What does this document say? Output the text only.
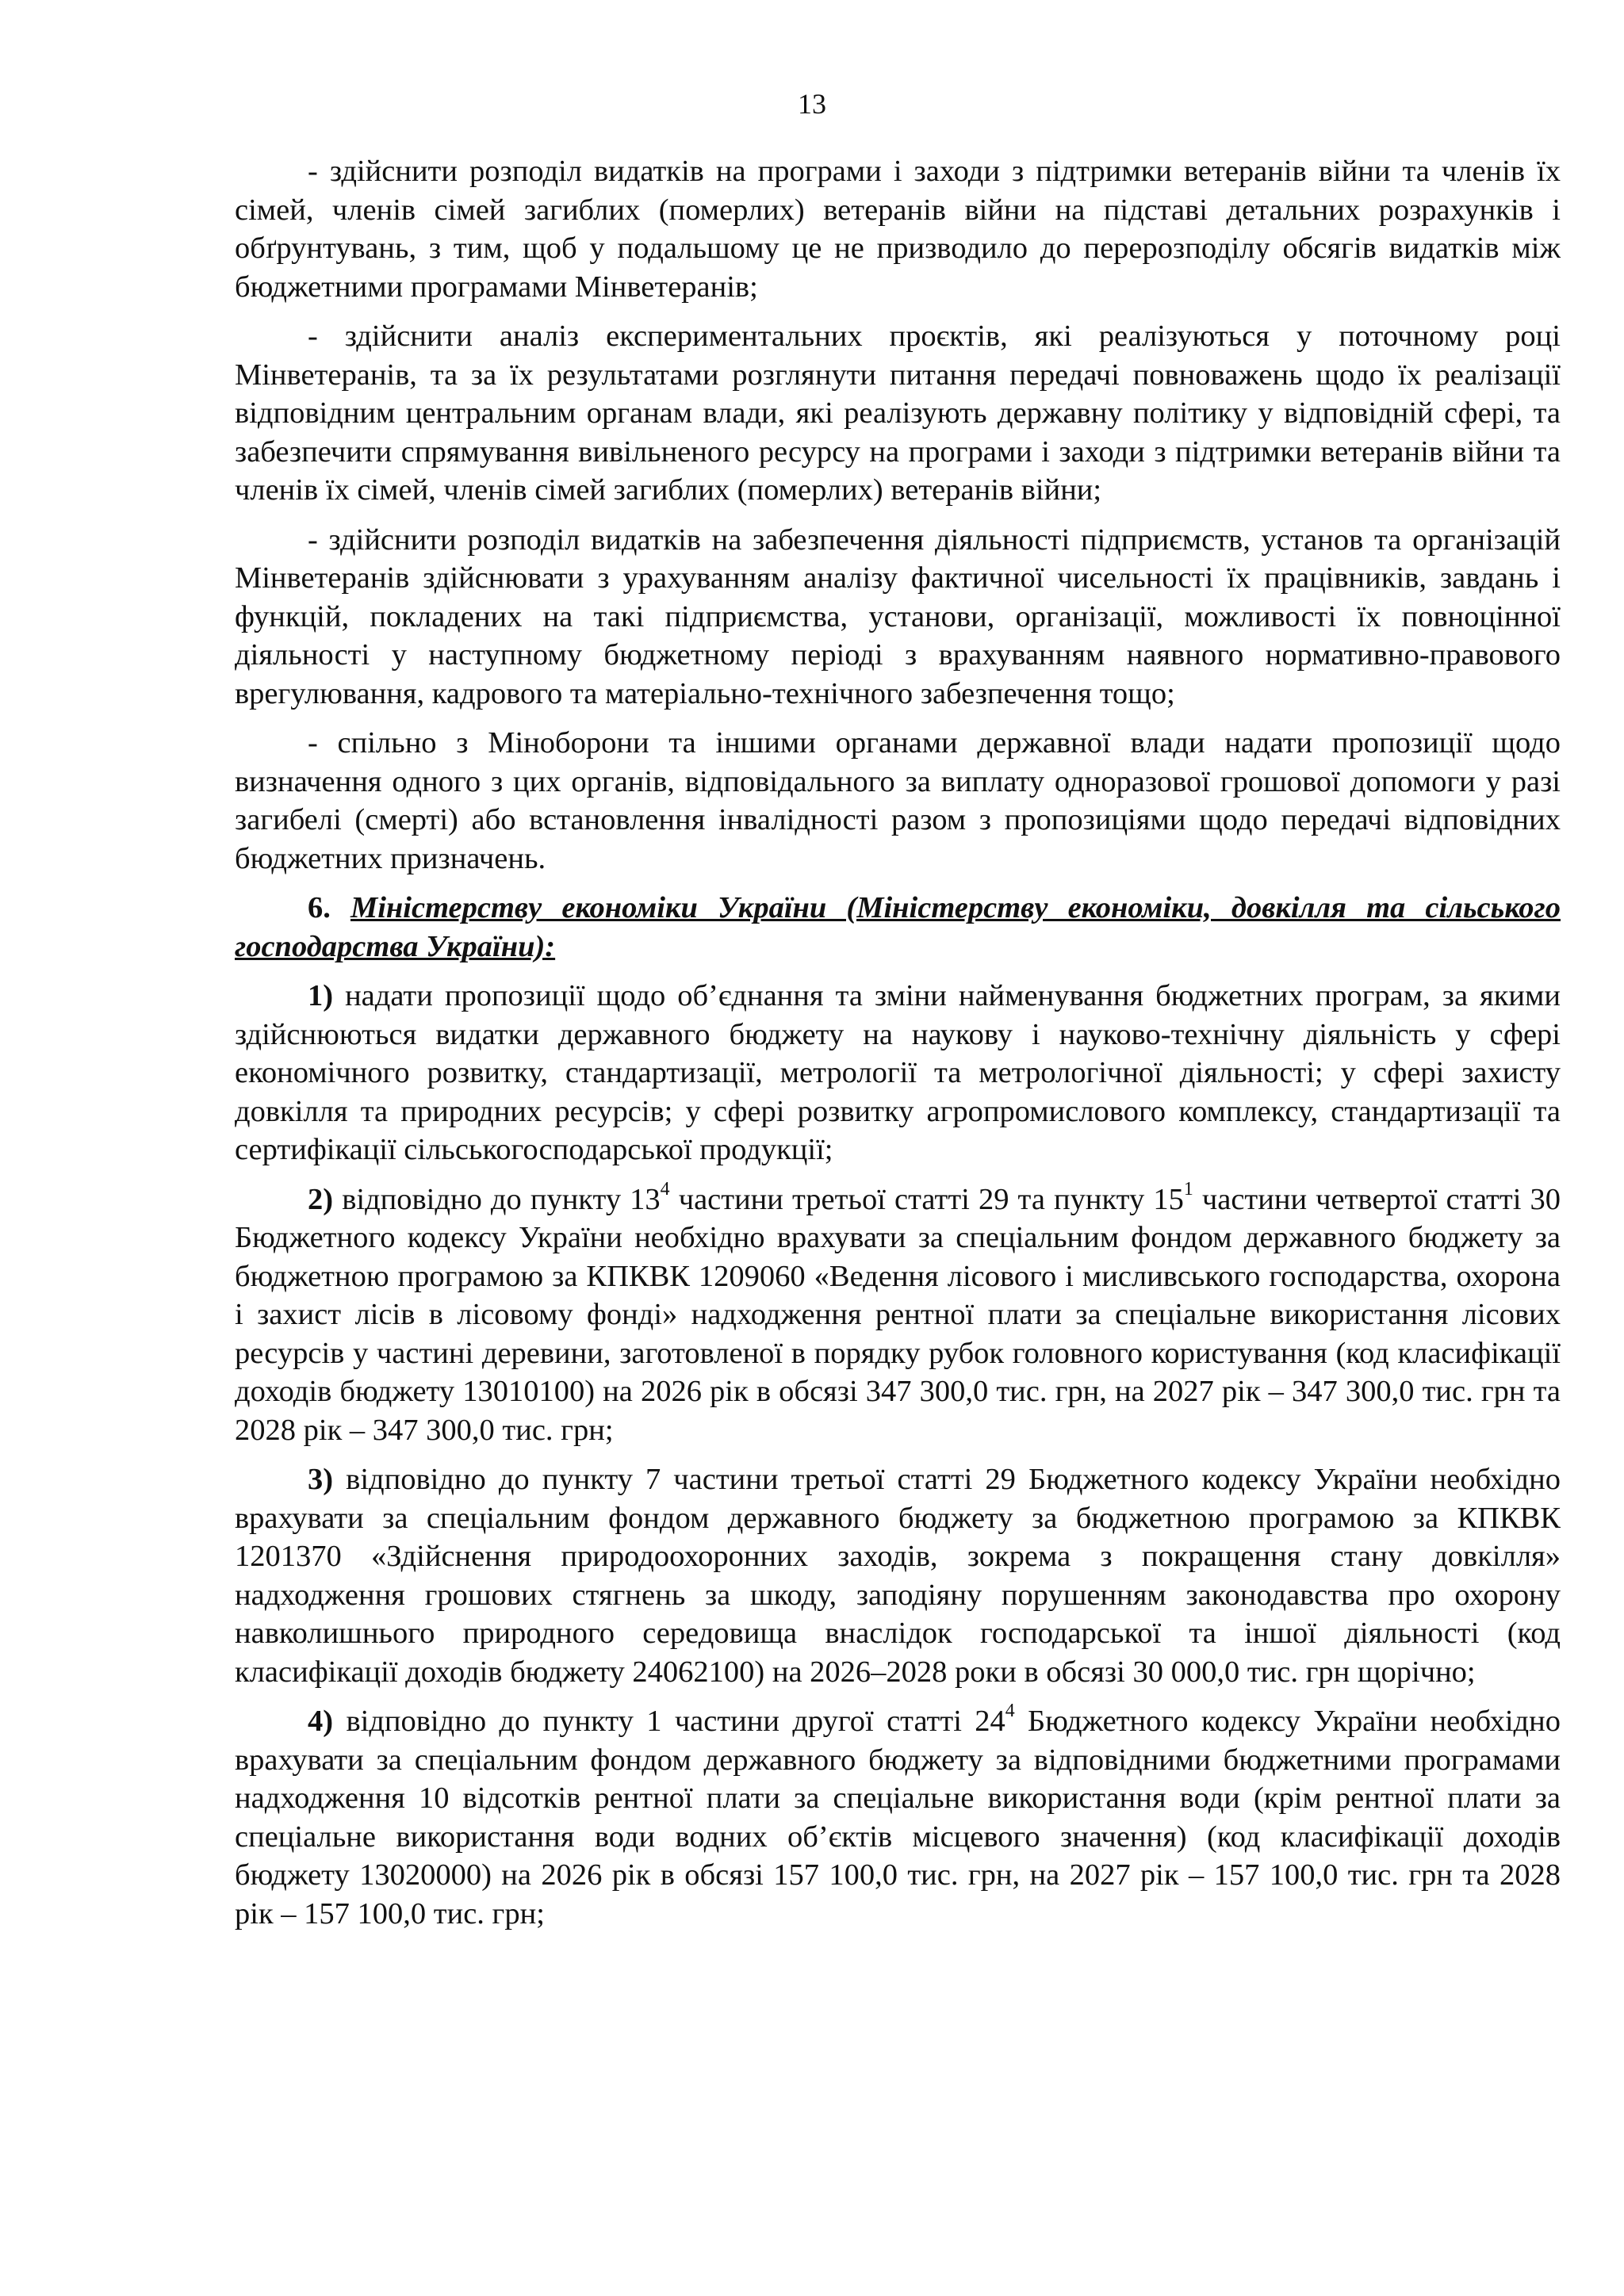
13

- здійснити розподіл видатків на програми і заходи з підтримки ветеранів війни та членів їх сімей, членів сімей загиблих (померлих) ветеранів війни на підставі детальних розрахунків і обґрунтувань, з тим, щоб у подальшому це не призводило до перерозподілу обсягів видатків між бюджетними програмами Мінветеранів;

- здійснити аналіз експериментальних проєктів, які реалізуються у поточному році Мінветеранів, та за їх результатами розглянути питання передачі повноважень щодо їх реалізації відповідним центральним органам влади, які реалізують державну політику у відповідній сфері, та забезпечити спрямування вивільненого ресурсу на програми і заходи з підтримки ветеранів війни та членів їх сімей, членів сімей загиблих (померлих) ветеранів війни;

- здійснити розподіл видатків на забезпечення діяльності підприємств, установ та організацій Мінветеранів здійснювати з урахуванням аналізу фактичної чисельності їх працівників, завдань і функцій, покладених на такі підприємства, установи, організації, можливості їх повноцінної діяльності у наступному бюджетному періоді з врахуванням наявного нормативно-правового врегулювання, кадрового та матеріально-технічного забезпечення тощо;

- спільно з Міноборони та іншими органами державної влади надати пропозиції щодо визначення одного з цих органів, відповідального за виплату одноразової грошової допомоги у разі загибелі (смерті) або встановлення інвалідності разом з пропозиціями щодо передачі відповідних бюджетних призначень.

6. Міністерству економіки України (Міністерству економіки, довкілля та сільського господарства України):

1) надати пропозиції щодо об’єднання та зміни найменування бюджетних програм, за якими здійснюються видатки державного бюджету на наукову і науково-технічну діяльність у сфері економічного розвитку, стандартизації, метрології та метрологічної діяльності; у сфері захисту довкілля та природних ресурсів; у сфері розвитку агропромислового комплексу, стандартизації та сертифікації сільськогосподарської продукції;

2) відповідно до пункту $13^4$ частини третьої статті 29 та пункту $15^1$ частини четвертої статті 30 Бюджетного кодексу України необхідно врахувати за спеціальним фондом державного бюджету за бюджетною програмою за КПКВК 1209060 «Ведення лісового і мисливського господарства, охорона і захист лісів в лісовому фонді» надходження рентної плати за спеціальне використання лісових ресурсів у частині деревини, заготовленої в порядку рубок головного користування (код класифікації доходів бюджету 13010100) на 2026 рік в обсязі 347 300,0 тис. грн, на 2027 рік – 347 300,0 тис. грн та 2028 рік – 347 300,0 тис. грн;

3) відповідно до пункту 7 частини третьої статті 29 Бюджетного кодексу України необхідно врахувати за спеціальним фондом державного бюджету за бюджетною програмою за КПКВК 1201370 «Здійснення природоохоронних заходів, зокрема з покращення стану довкілля» надходження грошових стягнень за шкоду, заподіяну порушенням законодавства про охорону навколишнього природного середовища внаслідок господарської та іншої діяльності (код класифікації доходів бюджету 24062100) на 2026–2028 роки в обсязі 30 000,0 тис. грн щорічно;

4) відповідно до пункту 1 частини другої статті $24^4$ Бюджетного кодексу України необхідно врахувати за спеціальним фондом державного бюджету за відповідними бюджетними програмами надходження 10 відсотків рентної плати за спеціальне використання води (крім рентної плати за спеціальне використання води водних об’єктів місцевого значення) (код класифікації доходів бюджету 13020000) на 2026 рік в обсязі 157 100,0 тис. грн, на 2027 рік – 157 100,0 тис. грн та 2028 рік – 157 100,0 тис. грн;
